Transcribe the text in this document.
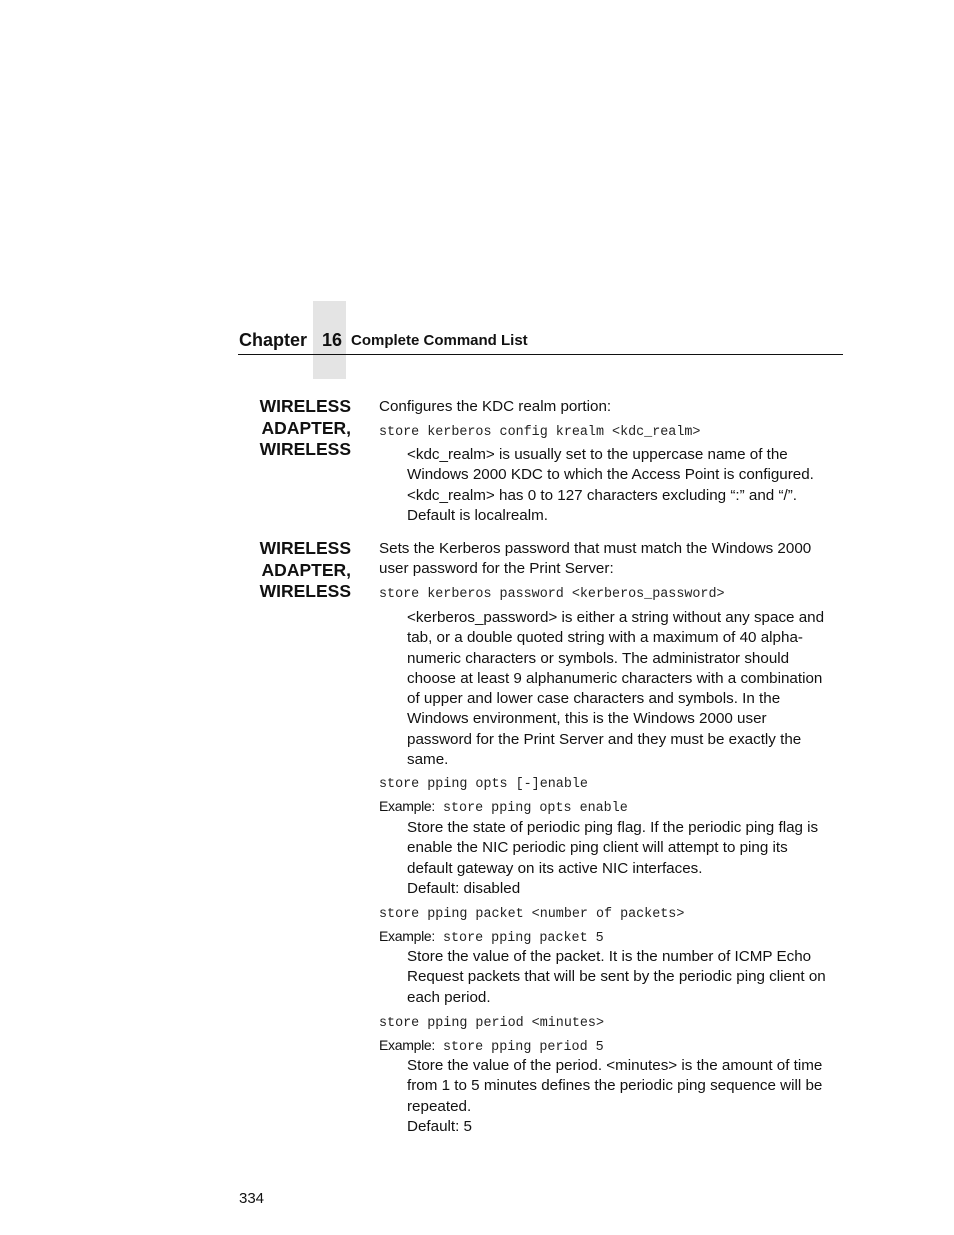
Chapter 16 Complete Command List
WIRELESS
ADAPTER,
WIRELESS
Configures the KDC realm portion:
store kerberos config krealm <kdc_realm>
<kdc_realm> is usually set to the uppercase name of the
Windows 2000 KDC to which the Access Point is configured.
<kdc_realm> has 0 to 127 characters excluding “:” and “/”.
Default is localrealm.
WIRELESS
ADAPTER,
WIRELESS
Sets the Kerberos password that must match the Windows 2000
user password for the Print Server:
store kerberos password <kerberos_password>
<kerberos_password> is either a string without any space and
tab, or a double quoted string with a maximum of 40 alpha-
numeric characters or symbols. The administrator should
choose at least 9 alphanumeric characters with a combination
of upper and lower case characters and symbols. In the
Windows environment, this is the Windows 2000 user
password for the Print Server and they must be exactly the
same.
store pping opts [-]enable
Example: store pping opts enable
Store the state of periodic ping flag. If the periodic ping flag is
enable the NIC periodic ping client will attempt to ping its
default gateway on its active NIC interfaces.
Default: disabled
store pping packet <number of packets>
Example: store pping packet 5
Store the value of the packet. It is the number of ICMP Echo
Request packets that will be sent by the periodic ping client on
each period.
store pping period <minutes>
Example: store pping period 5
Store the value of the period. <minutes> is the amount of time
from 1 to 5 minutes defines the periodic ping sequence will be
repeated.
Default: 5
334
